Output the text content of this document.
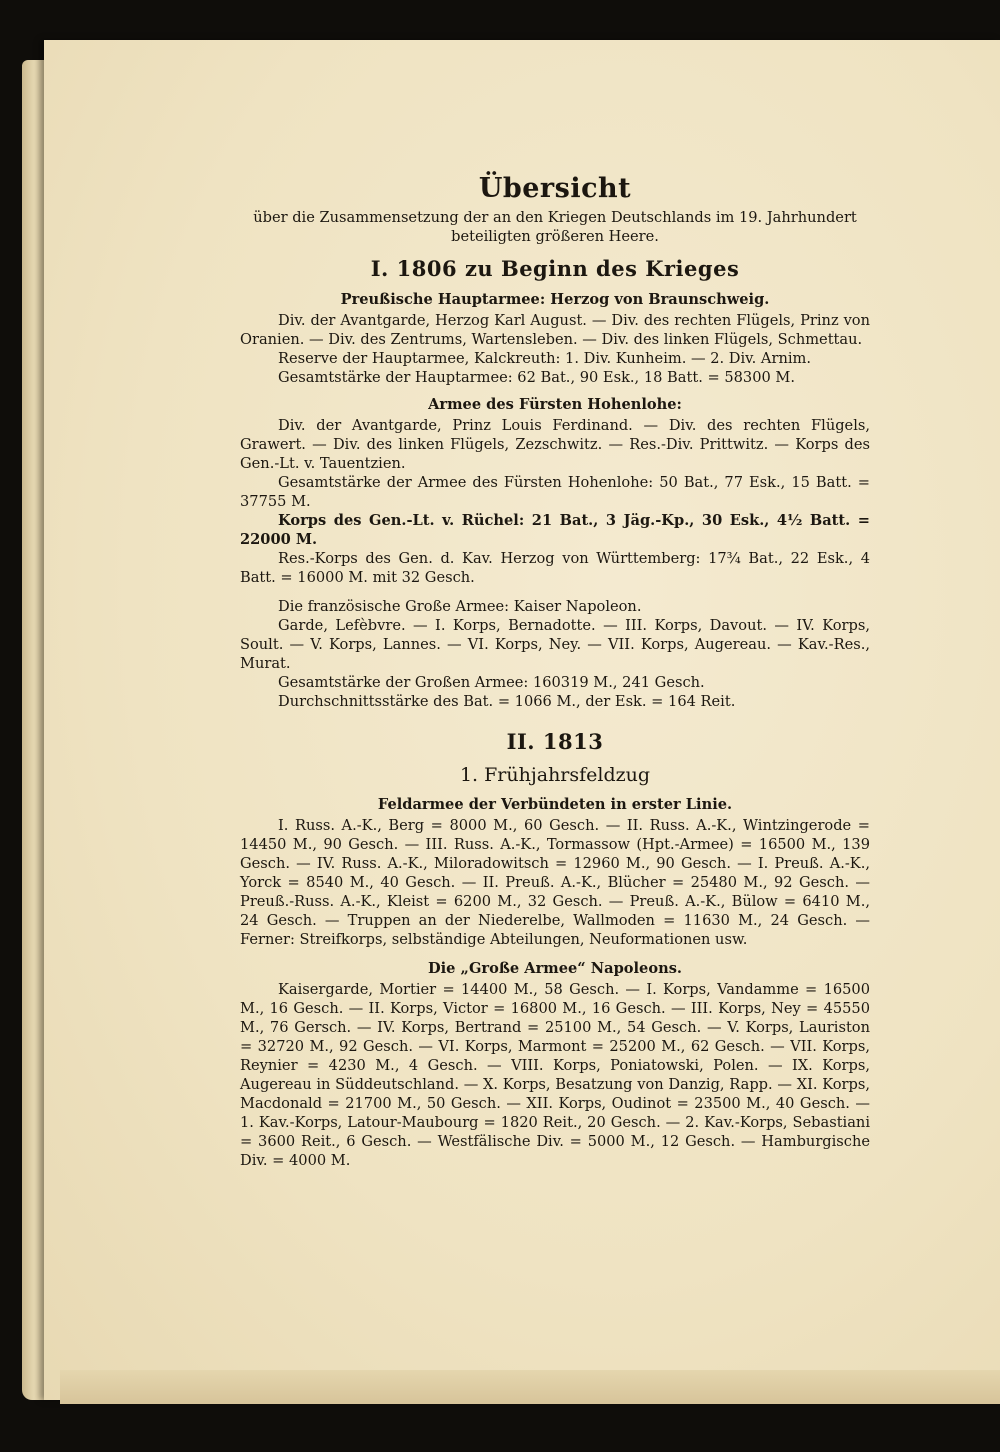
Übersicht
über die Zusammensetzung der an den Kriegen Deutschlands im 19. Jahrhundert beteiligten größeren Heere.
I. 1806 zu Beginn des Krieges
Preußische Hauptarmee: Herzog von Braunschweig.

Div. der Avantgarde, Herzog Karl August. — Div. des rechten Flügels, Prinz von Oranien. — Div. des Zentrums, Wartensleben. — Div. des linken Flügels, Schmettau.

Reserve der Hauptarmee, Kalckreuth: 1. Div. Kunheim. — 2. Div. Arnim.

Gesamtstärke der Hauptarmee: 62 Bat., 90 Esk., 18 Batt. = 58300 M.

Armee des Fürsten Hohenlohe:

Div. der Avantgarde, Prinz Louis Ferdinand. — Div. des rechten Flügels, Grawert. — Div. des linken Flügels, Zezschwitz. — Res.-Div. Prittwitz. — Korps des Gen.-Lt. v. Tauentzien.

Gesamtstärke der Armee des Fürsten Hohenlohe: 50 Bat., 77 Esk., 15 Batt. = 37755 M.

Korps des Gen.-Lt. v. Rüchel: 21 Bat., 3 Jäg.-Kp., 30 Esk., 4½ Batt. = 22000 M.

Res.-Korps des Gen. d. Kav. Herzog von Württemberg: 17¾ Bat., 22 Esk., 4 Batt. = 16000 M. mit 32 Gesch.

Die französische Große Armee: Kaiser Napoleon.

Garde, Lefèbvre. — I. Korps, Bernadotte. — III. Korps, Davout. — IV. Korps, Soult. — V. Korps, Lannes. — VI. Korps, Ney. — VII. Korps, Augereau. — Kav.-Res., Murat.

Gesamtstärke der Großen Armee: 160319 M., 241 Gesch.

Durchschnittsstärke des Bat. = 1066 M., der Esk. = 164 Reit.

II. 1813
1. Frühjahrsfeldzug
Feldarmee der Verbündeten in erster Linie.

I. Russ. A.-K., Berg = 8000 M., 60 Gesch. — II. Russ. A.-K., Wintzingerode = 14450 M., 90 Gesch. — III. Russ. A.-K., Tormassow (Hpt.-Armee) = 16500 M., 139 Gesch. — IV. Russ. A.-K., Miloradowitsch = 12960 M., 90 Gesch. — I. Preuß. A.-K., Yorck = 8540 M., 40 Gesch. — II. Preuß. A.-K., Blücher = 25480 M., 92 Gesch. — Preuß.-Russ. A.-K., Kleist = 6200 M., 32 Gesch. — Preuß. A.-K., Bülow = 6410 M., 24 Gesch. — Truppen an der Niederelbe, Wallmoden = 11630 M., 24 Gesch. — Ferner: Streifkorps, selbständige Abteilungen, Neuformationen usw.

Die „Große Armee“ Napoleons.

Kaisergarde, Mortier = 14400 M., 58 Gesch. — I. Korps, Vandamme = 16500 M., 16 Gesch. — II. Korps, Victor = 16800 M., 16 Gesch. — III. Korps, Ney = 45550 M., 76 Gersch. — IV. Korps, Bertrand = 25100 M., 54 Gesch. — V. Korps, Lauriston = 32720 M., 92 Gesch. — VI. Korps, Marmont = 25200 M., 62 Gesch. — VII. Korps, Reynier = 4230 M., 4 Gesch. — VIII. Korps, Poniatowski, Polen. — IX. Korps, Augereau in Süddeutschland. — X. Korps, Besatzung von Danzig, Rapp. — XI. Korps, Macdonald = 21700 M., 50 Gesch. — XII. Korps, Oudinot = 23500 M., 40 Gesch. — 1. Kav.-Korps, Latour-Maubourg = 1820 Reit., 20 Gesch. — 2. Kav.-Korps, Sebastiani = 3600 Reit., 6 Gesch. — Westfälische Div. = 5000 M., 12 Gesch. — Hamburgische Div. = 4000 M.
